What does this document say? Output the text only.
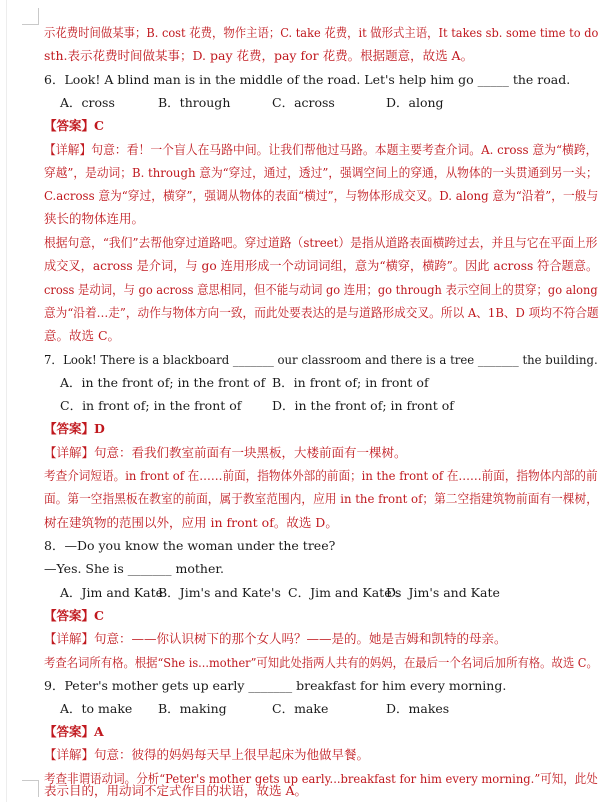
示花费时间做某事；B. cost 花费，物作主语；C. take 花费，it 做形式主语，It takes sb. some time to do
sth.表示花费时间做某事；D. pay 花费，pay for 花费。根据题意，故选 A。
6．Look! A blind man is in the middle of the road. Let's help him go _____ the road.
A．cross	B．through	C．across	D．along
【答案】C
【详解】句意：看！一个盲人在马路中间。让我们帮他过马路。本题主要考查介词。A. cross 意为“横跨，
穿越”，是动词；B. through 意为“穿过，通过，透过”，强调空间上的穿通，从物体的一头贯通到另一头；
C.across 意为“穿过，横穿”，强调从物体的表面“横过”，与物体形成交叉。D. along 意为“沿着”，一般与
狭长的物体连用。
根据句意，“我们”去帮他穿过道路吧。穿过道路（street）是指从道路表面横跨过去，并且与它在平面上形
成交叉，across 是介词，与 go 连用形成一个动词词组，意为“横穿，横跨”。因此 across 符合题意。
cross 是动词，与 go across 意思相同，但不能与动词 go 连用；go through 表示空间上的贯穿；go along
意为“沿着…走”，动作与物体方向一致，而此处要表达的是与道路形成交叉。所以 A、1B、D 项均不符合题
意。故选 C。
7．Look! There is a blackboard _______ our classroom and there is a tree _______ the building.
A．in the front of; in the front of B．in front of; in front of
C．in front of; in the front of D．in the front of; in front of
【答案】D
【详解】句意：看我们教室前面有一块黑板，大楼前面有一棵树。
考查介词短语。in front of 在……前面，指物体外部的前面；in the front of 在……前面，指物体内部的前
面。第一空指黑板在教室的前面，属于教室范围内，应用 in the front of；第二空指建筑物前面有一棵树，
树在建筑物的范围以外，应用 in front of。故选 D。
8．—Do you know the woman under the tree?
—Yes. She is _______ mother.
A．Jim and Kate
B．Jim's and Kate's C．Jim and Kate's
D．Jim's and Kate
【答案】C
【详解】句意：——你认识树下的那个女人吗？——是的。她是吉姆和凯特的母亲。
考查名词所有格。根据“She is...mother”可知此处指两人共有的妈妈，在最后一个名词后加所有格。故选 C。
9．Peter's mother gets up early _______ breakfast for him every morning.
A．to make B．making	C．make	D．makes
【答案】A
【详解】句意：彼得的妈妈每天早上很早起床为他做早餐。
考查非谓语动词。分析“Peter's mother gets up early...breakfast for him every morning.”可知，此处
表示目的，用动词不定式作目的状语，故选 A。
